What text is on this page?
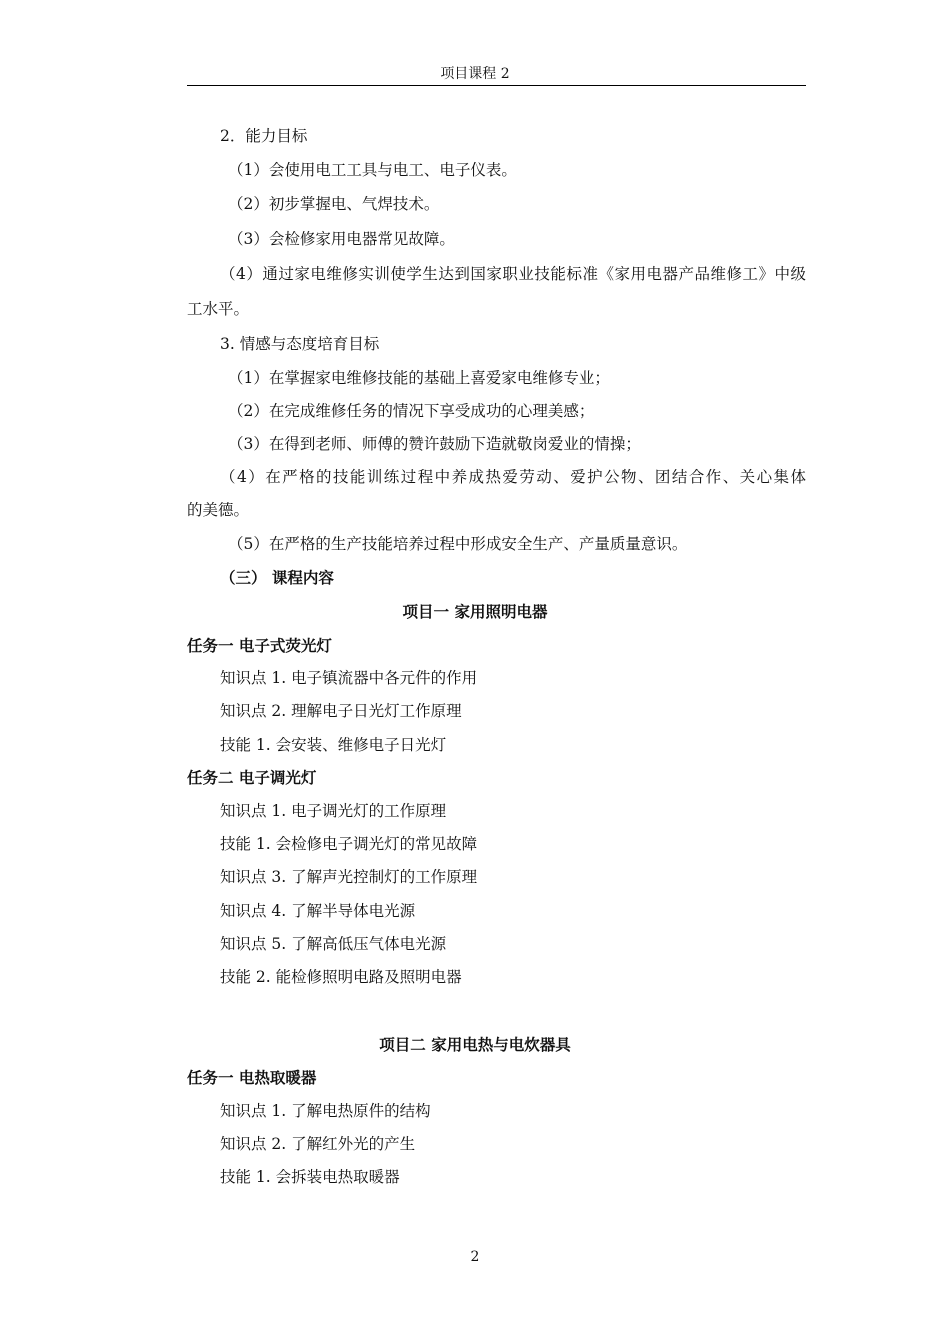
项目课程 2
2．能力目标
（1）会使用电工工具与电工、电子仪表。
（2）初步掌握电、气焊技术。
（3）会检修家用电器常见故障。
（4）通过家电维修实训使学生达到国家职业技能标准《家用电器产品维修工》中级
工水平。
3. 情感与态度培育目标
（1）在掌握家电维修技能的基础上喜爱家电维修专业；
（2）在完成维修任务的情况下享受成功的心理美感；
（3）在得到老师、师傅的赞许鼓励下造就敬岗爱业的情操；
（4）在严格的技能训练过程中养成热爱劳动、爱护公物、团结合作、关心集体
的美德。
（5）在严格的生产技能培养过程中形成安全生产、产量质量意识。
（三） 课程内容
项目一 家用照明电器
任务一 电子式荧光灯
知识点 1. 电子镇流器中各元件的作用
知识点 2. 理解电子日光灯工作原理
技能 1. 会安装、维修电子日光灯
任务二 电子调光灯
知识点 1. 电子调光灯的工作原理
技能 1. 会检修电子调光灯的常见故障
知识点 3. 了解声光控制灯的工作原理
知识点 4. 了解半导体电光源
知识点 5. 了解高低压气体电光源
技能 2. 能检修照明电路及照明电器
项目二 家用电热与电炊器具
任务一 电热取暖器
知识点 1. 了解电热原件的结构
知识点 2. 了解红外光的产生
技能 1. 会拆装电热取暖器
2
